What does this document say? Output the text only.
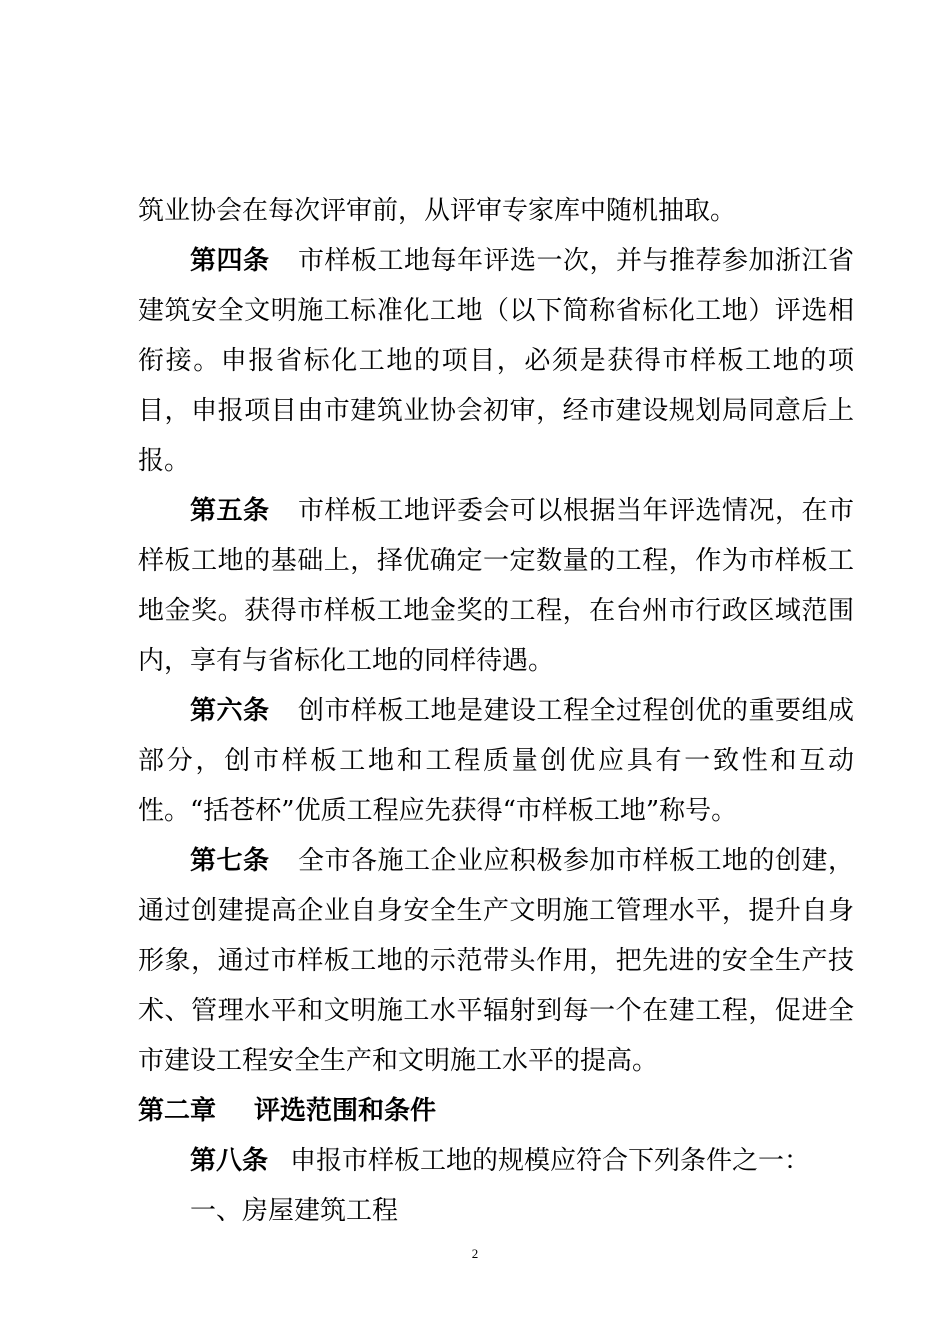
筑业协会在每次评审前，从评审专家库中随机抽取。

第四条 市样板工地每年评选一次，并与推荐参加浙江省建筑安全文明施工标准化工地（以下简称省标化工地）评选相衔接。申报省标化工地的项目，必须是获得市样板工地的项目，申报项目由市建筑业协会初审，经市建设规划局同意后上报。

第五条 市样板工地评委会可以根据当年评选情况，在市样板工地的基础上，择优确定一定数量的工程，作为市样板工地金奖。获得市样板工地金奖的工程，在台州市行政区域范围内，享有与省标化工地的同样待遇。

第六条 创市样板工地是建设工程全过程创优的重要组成部分，创市样板工地和工程质量创优应具有一致性和互动性。“括苍杯”优质工程应先获得“市样板工地”称号。

第七条 全市各施工企业应积极参加市样板工地的创建，通过创建提高企业自身安全生产文明施工管理水平，提升自身形象，通过市样板工地的示范带头作用，把先进的安全生产技术、管理水平和文明施工水平辐射到每一个在建工程，促进全市建设工程安全生产和文明施工水平的提高。

第二章 评选范围和条件

第八条 申报市样板工地的规模应符合下列条件之一：

一、房屋建筑工程

2
